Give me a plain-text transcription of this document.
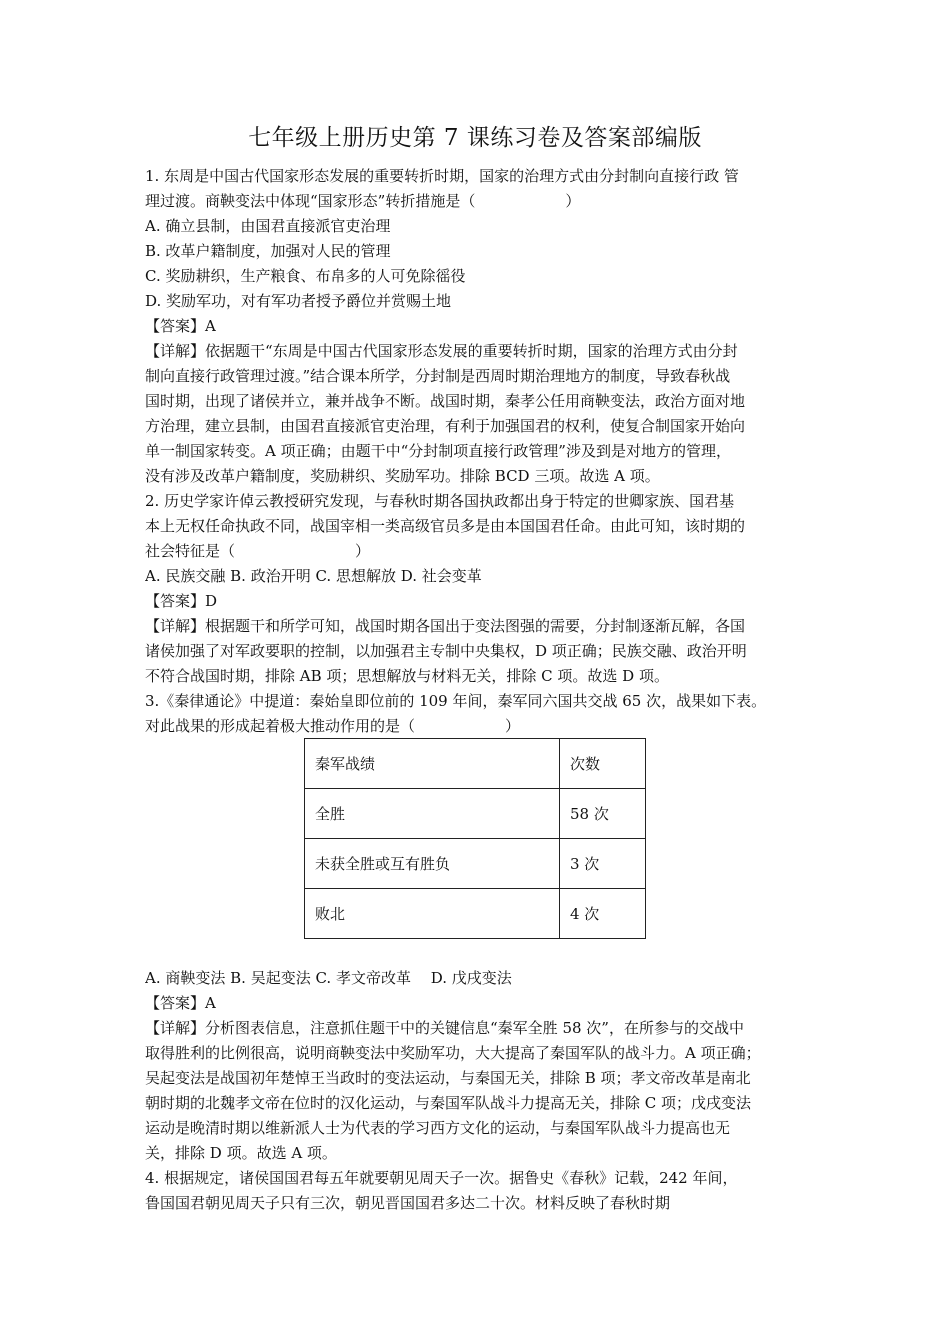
七年级上册历史第 7 课练习卷及答案部编版
1. 东周是中国古代国家形态发展的重要转折时期，国家的治理方式由分封制向直接行政 管
理过渡。商鞅变法中体现“国家形态”转折措施是（　　　　　　）
A. 确立县制，由国君直接派官吏治理
B. 改革户籍制度，加强对人民的管理
C. 奖励耕织，生产粮食、布帛多的人可免除徭役
D. 奖励军功，对有军功者授予爵位并赏赐土地
【答案】A
【详解】依据题干“东周是中国古代国家形态发展的重要转折时期，国家的治理方式由分封
制向直接行政管理过渡。”结合课本所学，分封制是西周时期治理地方的制度，导致春秋战
国时期，出现了诸侯并立，兼并战争不断。战国时期，秦孝公任用商鞅变法，政治方面对地
方治理，建立县制，由国君直接派官吏治理，有利于加强国君的权利，使复合制国家开始向
单一制国家转变。A 项正确；由题干中“分封制项直接行政管理”涉及到是对地方的管理，
没有涉及改革户籍制度，奖励耕织、奖励军功。排除 BCD 三项。故选 A 项。
2. 历史学家许倬云教授研究发现，与春秋时期各国执政都出身于特定的世卿家族、国君基
本上无权任命执政不同，战国宰相一类高级官员多是由本国国君任命。由此可知，该时期的
社会特征是（　　　　　　　　）
A. 民族交融 B. 政治开明 C. 思想解放 D. 社会变革
【答案】D
【详解】根据题干和所学可知，战国时期各国出于变法图强的需要，分封制逐渐瓦解，各国
诸侯加强了对军政要职的控制，以加强君主专制中央集权，D 项正确；民族交融、政治开明
不符合战国时期，排除 AB 项；思想解放与材料无关，排除 C 项。故选 D 项。
3.《秦律通论》中提道：秦始皇即位前的 109 年间，秦军同六国共交战 65 次，战果如下表。
对此战果的形成起着极大推动作用的是（　　　　　　）
秦军战绩	次数
全胜	58 次
未获全胜或互有胜负	3 次
败北	4 次
A. 商鞅变法 B. 吴起变法 C. 孝文帝改革　 D. 戊戌变法
【答案】A
【详解】分析图表信息，注意抓住题干中的关键信息“秦军全胜 58 次”，在所参与的交战中
取得胜利的比例很高，说明商鞅变法中奖励军功，大大提高了秦国军队的战斗力。A 项正确；
吴起变法是战国初年楚悼王当政时的变法运动，与秦国无关，排除 B 项；孝文帝改革是南北
朝时期的北魏孝文帝在位时的汉化运动，与秦国军队战斗力提高无关，排除 C 项；戊戌变法
运动是晚清时期以维新派人士为代表的学习西方文化的运动，与秦国军队战斗力提高也无
关，排除 D 项。故选 A 项。
4. 根据规定，诸侯国国君每五年就要朝见周天子一次。据鲁史《春秋》记载，242 年间，
鲁国国君朝见周天子只有三次，朝见晋国国君多达二十次。材料反映了春秋时期
